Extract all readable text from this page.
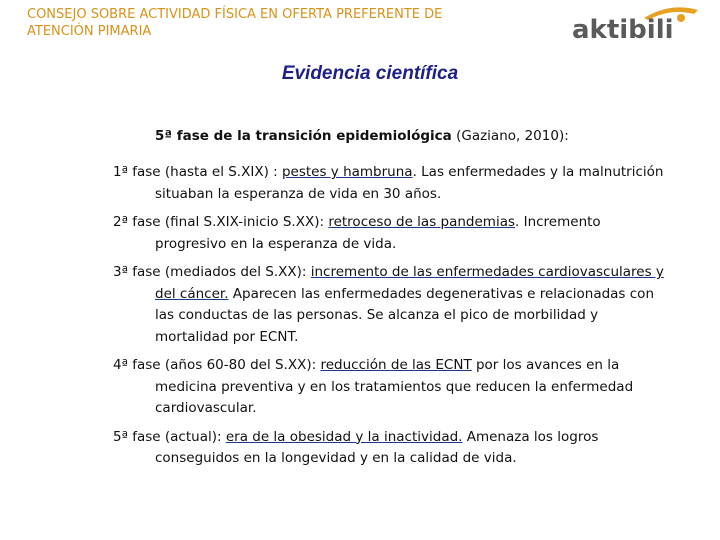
CONSEJO SOBRE ACTIVIDAD FÍSICA EN OFERTA PREFERENTE DE
ATENCIÓN PIMARIA	aktibili
Evidencia científica

5ª fase de la transición epidemiológica (Gaziano, 2010):

1ª fase (hasta el S.XIX) : pestes y hambruna. Las enfermedades y la malnutrición situaban la esperanza de vida en 30 años.
2ª fase (final S.XIX-inicio S.XX): retroceso de las pandemias. Incremento progresivo en la esperanza de vida.
3ª fase (mediados del S.XX): incremento de las enfermedades cardiovasculares y del cáncer. Aparecen las enfermedades degenerativas e relacionadas con las conductas de las personas. Se alcanza el pico de morbilidad y mortalidad por ECNT.
4ª fase (años 60-80 del S.XX): reducción de las ECNT por los avances en la medicina preventiva y en los tratamientos que reducen la enfermedad cardiovascular.
5ª fase (actual): era de la obesidad y la inactividad. Amenaza los logros conseguidos en la longevidad y en la calidad de vida.
